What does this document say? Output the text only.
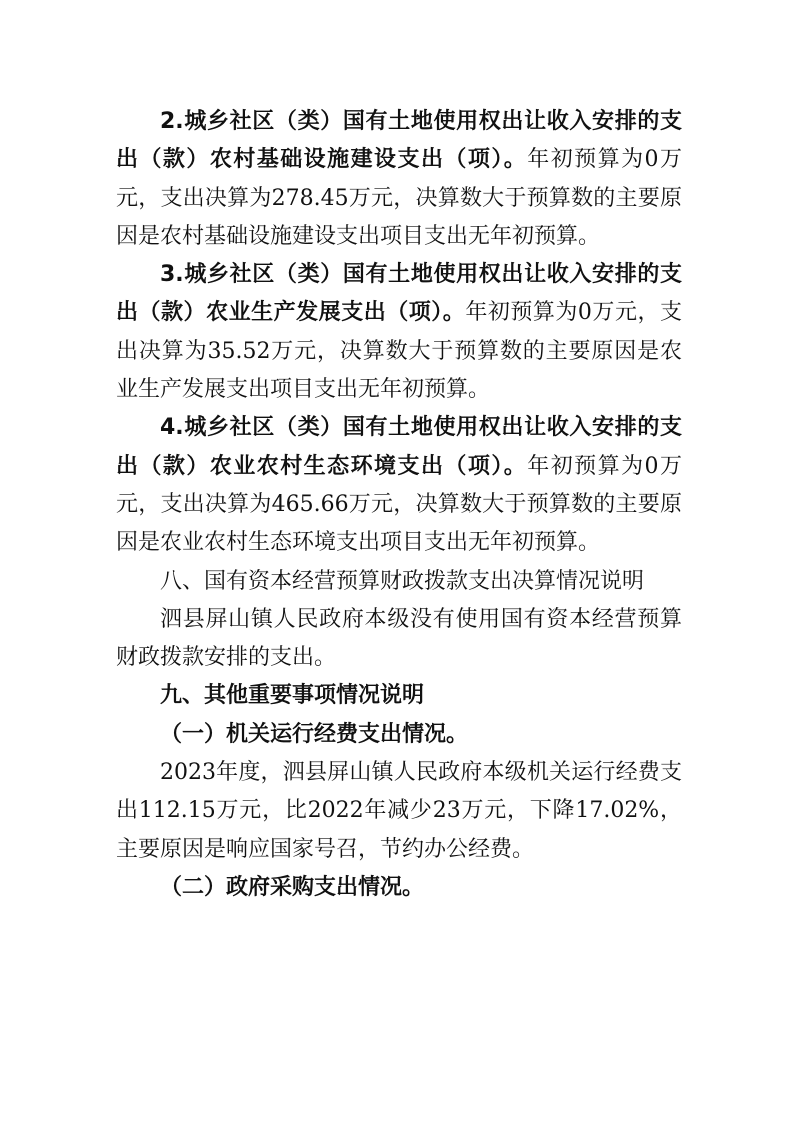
2.城乡社区（类）国有土地使用权出让收入安排的支出（款）农村基础设施建设支出（项）。年初预算为0万元，支出决算为278.45万元，决算数大于预算数的主要原因是农村基础设施建设支出项目支出无年初预算。

3.城乡社区（类）国有土地使用权出让收入安排的支出（款）农业生产发展支出（项）。年初预算为0万元，支出决算为35.52万元，决算数大于预算数的主要原因是农业生产发展支出项目支出无年初预算。

4.城乡社区（类）国有土地使用权出让收入安排的支出（款）农业农村生态环境支出（项）。年初预算为0万元，支出决算为465.66万元，决算数大于预算数的主要原因是农业农村生态环境支出项目支出无年初预算。

八、国有资本经营预算财政拨款支出决算情况说明

泗县屏山镇人民政府本级没有使用国有资本经营预算财政拨款安排的支出。

九、其他重要事项情况说明

（一）机关运行经费支出情况。

2023年度，泗县屏山镇人民政府本级机关运行经费支出112.15万元，比2022年减少23万元，下降17.02%，主要原因是响应国家号召，节约办公经费。

（二）政府采购支出情况。
